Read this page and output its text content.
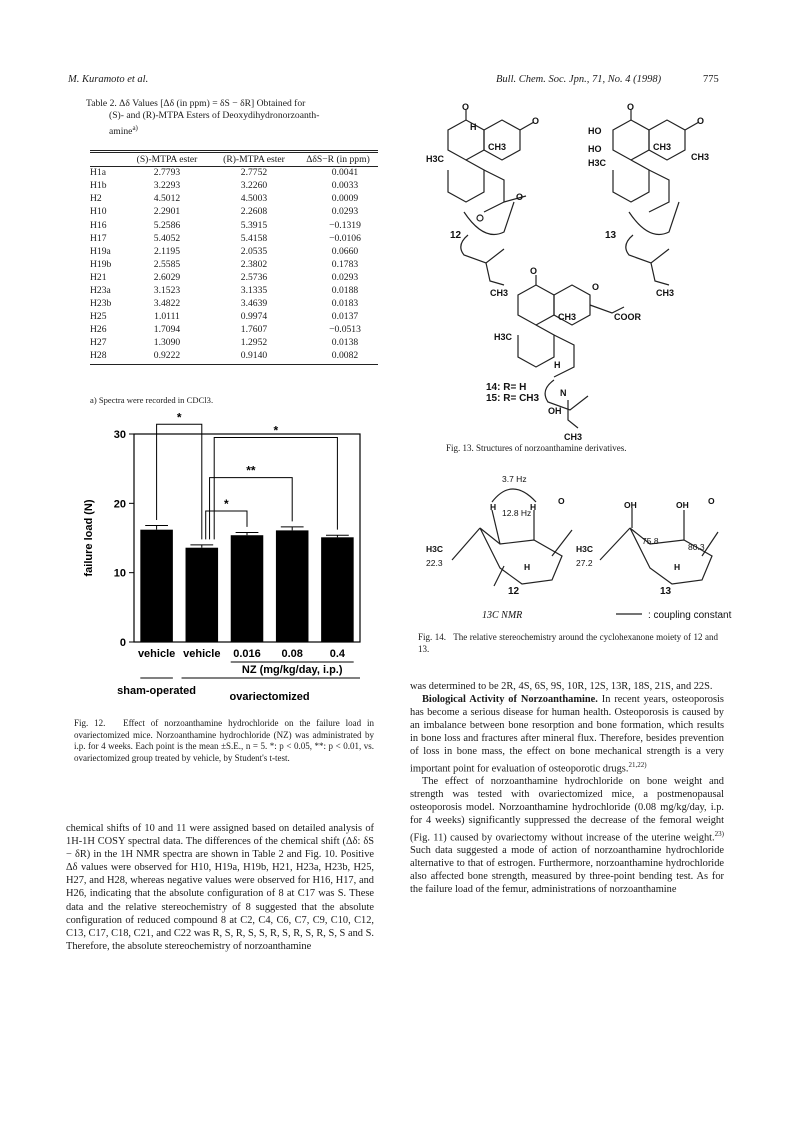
M. Kuramoto et al.	Bull. Chem. Soc. Jpn., 71, No. 4 (1998)	775
Table 2. Δδ Values [Δδ (in ppm) = δS − δR] Obtained for
(S)- and (R)-MTPA Esters of Deoxydihydronorzoanth-
amine$^{a)}$
	(S)-MTPA ester	(R)-MTPA ester	ΔδS−R (in ppm)
H1a	2.7793	2.7752	0.0041
H1b	3.2293	3.2260	0.0033
H2	4.5012	4.5003	0.0009
H10	2.2901	2.2608	0.0293
H16	5.2586	5.3915	−0.1319
H17	5.4052	5.4158	−0.0106
H19a	2.1195	2.0535	0.0660
H19b	2.5585	2.3802	0.1783
H21	2.6029	2.5736	0.0293
H23a	3.1523	3.1335	0.0188
H23b	3.4822	3.4639	0.0183
H25	1.0111	0.9974	0.0137
H26	1.7094	1.7607	−0.0513
H27	1.3090	1.2952	0.0138
H28	0.9222	0.9140	0.0082
a) Spectra were recorded in CDCl3.
0
10
20
30
failure load (N)
vehicle vehicle 0.016 0.08 0.4
*
*
**
*
NZ (mg/kg/day, i.p.)
sham-operated	ovariectomized
Fig. 12. Effect of norzoanthamine hydrochloride on the failure load in ovariectomized mice. Norzoanthamine hydrochloride (NZ) was administrated by i.p. for 4 weeks. Each point is the mean ±S.E., n = 5. *: p < 0.05, **: p < 0.01, vs. ovariectomized group treated by vehicle, by Student's t-test.
chemical shifts of 10 and 11 were assigned based on detailed analysis of 1H-1H COSY spectral data. The differences of the chemical shift (Δδ: δS − δR) in the 1H NMR spectra are shown in Table 2 and Fig. 10. Positive Δδ values were observed for H10, H19a, H19b, H21, H23a, H23b, H25, H27, and H28, whereas negative values were observed for H16, H17, and H26, indicating that the absolute configuration of 8 at C17 was S. These data and the relative stereochemistry of 8 suggested that the absolute configuration of reduced compound 8 at C2, C4, C6, C7, C9, C10, C12, C13, C17, C18, C21, and C22 was R, S, R, S, S, R, S, R, S, R, S, S and S. Therefore, the absolute stereochemistry of norzoanthamine
O
O
H3C
H
CH3
O
CH3
O
O
HO
HO
H3C
CH3
CH3
CH3
O
O
CH3	COOR
H3C
H
N
OH
CH3
12	13
14: R= H
15: R= CH3
Fig. 13. Structures of norzoanthamine derivatives.
3.7 Hz
12.8 Hz
22.3	27.2
75.8
80.3
O	O
OH	OH
H3C	H3C
H	H
H	H
12	13
13C NMR	: coupling constant
Fig. 14. The relative stereochemistry around the cyclohexanone moiety of 12 and 13.
was determined to be 2R, 4S, 6S, 9S, 10R, 12S, 13R, 18S, 21S, and 22S.

Biological Activity of Norzoanthamine. In recent years, osteoporosis has become a serious disease for human health. Osteoporosis is caused by an imbalance between bone resorption and bone formation, which results in bone loss and fractures after mineral flux. Therefore, besides prevention of loss in bone mass, the effect on bone mechanical strength is a very important point for evaluation of osteoporotic drugs.$^{21,22)}$

The effect of norzoanthamine hydrochloride on bone weight and strength was tested with ovariectomized mice, a postmenopausal osteoporosis model. Norzoanthamine hydrochloride (0.08 mg/kg/day, i.p. for 4 weeks) significantly suppressed the decrease of the femoral weight (Fig. 11) caused by ovariectomy without increase of the uterine weight.$^{23)}$ Such data suggested a mode of action of norzoanthamine hydrochloride alternative to that of estrogen. Furthermore, norzoanthamine hydrochloride also affected bone strength, measured by three-point bending test. As for the failure load of the femur, administrations of norzoanthamine
